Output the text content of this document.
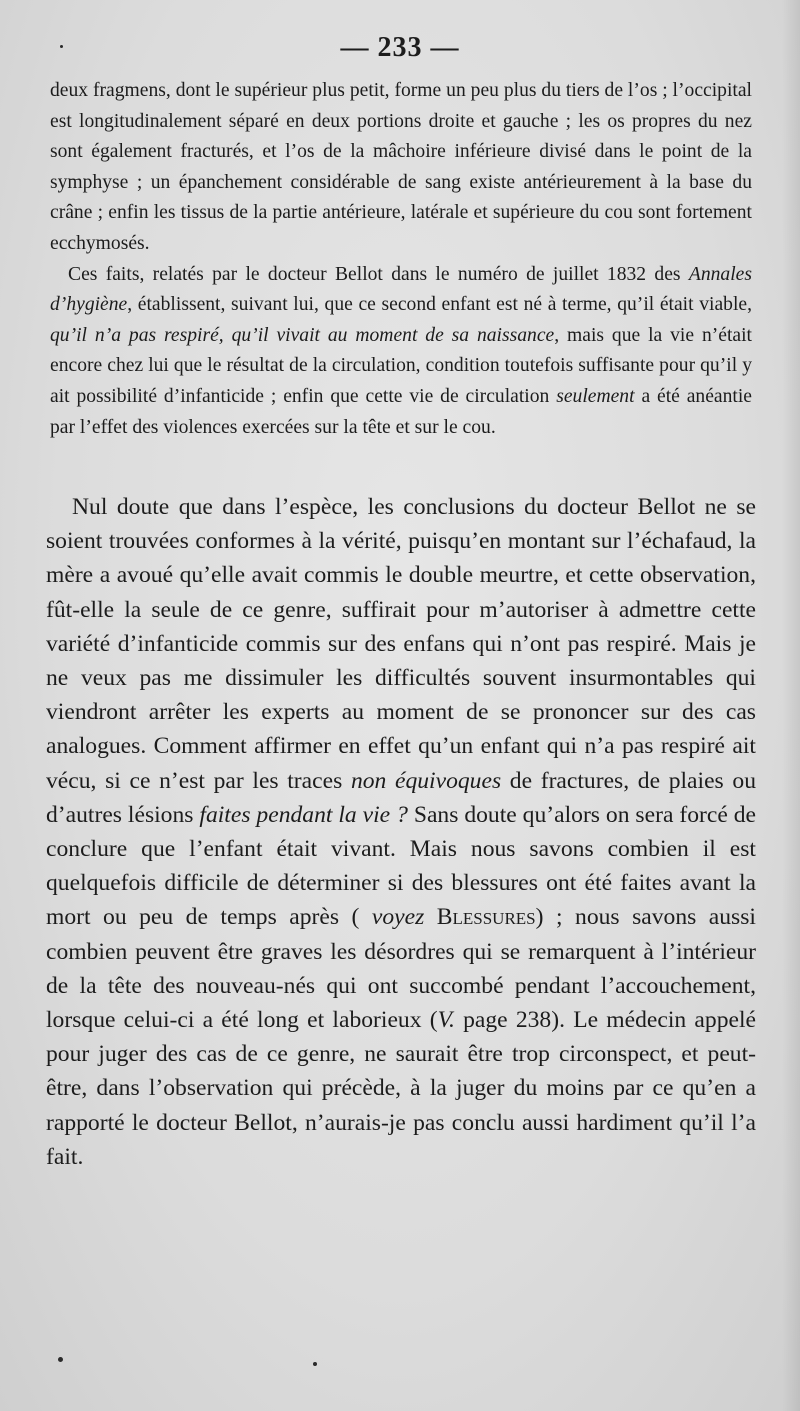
— 233 —

deux fragmens, dont le supérieur plus petit, forme un peu plus du tiers de l’os ; l’occipital est longitudinalement séparé en deux portions droite et gauche ; les os propres du nez sont également fracturés, et l’os de la mâchoire inférieure divisé dans le point de la symphyse ; un épanchement considérable de sang existe antérieurement à la base du crâne ; enfin les tissus de la partie antérieure, latérale et supérieure du cou sont fortement ecchymosés.

Ces faits, relatés par le docteur Bellot dans le numéro de juillet 1832 des Annales d’hygiène, établissent, suivant lui, que ce second enfant est né à terme, qu’il était viable, qu’il n’a pas respiré, qu’il vivait au moment de sa naissance, mais que la vie n’était encore chez lui que le résultat de la circulation, condition toutefois suffisante pour qu’il y ait possibilité d’infanticide ; enfin que cette vie de circulation seulement a été anéantie par l’effet des violences exercées sur la tête et sur le cou.

Nul doute que dans l’espèce, les conclusions du docteur Bellot ne se soient trouvées conformes à la vérité, puisqu’en montant sur l’échafaud, la mère a avoué qu’elle avait commis le double meurtre, et cette observation, fût-elle la seule de ce genre, suffirait pour m’autoriser à admettre cette variété d’infanticide commis sur des enfans qui n’ont pas respiré. Mais je ne veux pas me dissimuler les difficultés souvent insurmontables qui viendront arrêter les experts au moment de se prononcer sur des cas analogues. Comment affirmer en effet qu’un enfant qui n’a pas respiré ait vécu, si ce n’est par les traces non équivoques de fractures, de plaies ou d’autres lésions faites pendant la vie ? Sans doute qu’alors on sera forcé de conclure que l’enfant était vivant. Mais nous savons combien il est quelquefois difficile de déterminer si des blessures ont été faites avant la mort ou peu de temps après ( voyez Blessures) ; nous savons aussi combien peuvent être graves les désordres qui se remarquent à l’intérieur de la tête des nouveau-nés qui ont succombé pendant l’accouchement, lorsque celui-ci a été long et laborieux (V. page 238). Le médecin appelé pour juger des cas de ce genre, ne saurait être trop circonspect, et peut-être, dans l’observation qui précède, à la juger du moins par ce qu’en a rapporté le docteur Bellot, n’aurais-je pas conclu aussi hardiment qu’il l’a fait.
